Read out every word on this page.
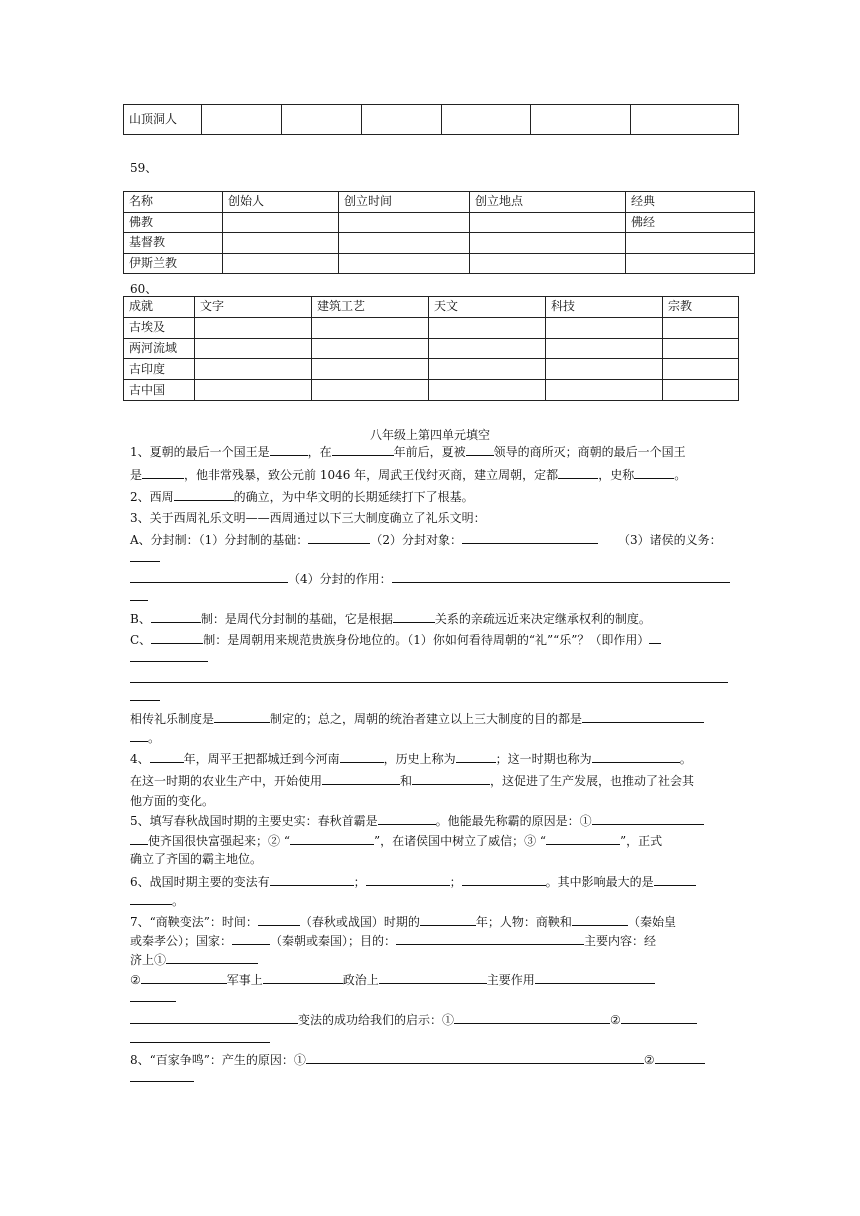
山顶洞人						
59、
名称	创始人	创立时间	创立地点	经典
佛教				佛经
基督教				
伊斯兰教				
60、
成就	文字	建筑工艺	天文	科技	宗教
古埃及					
两河流域					
古印度					
古中国					
八年级上第四单元填空
1、夏朝的最后一个国王是	，在	年前后，夏被 领导的商所灭；商朝的最后一个国王
是	，他非常残暴，致公元前 1046 年，周武王伐纣灭商，建立周朝，定都	，史称	。
2、西周	的确立，为中华文明的长期延续打下了根基。
3、关于西周礼乐文明——西周通过以下三大制度确立了礼乐文明：
A、分封制：（1）分封制的基础：	（2）分封对象：	（3）诸侯的义务：
（4）分封的作用：
B、	制：是周代分封制的基础，它是根据	关系的亲疏远近来决定继承权利的制度。
C、	制：是周朝用来规范贵族身份地位的。（1）你如何看待周朝的“礼”“乐”？（即作用）
相传礼乐制度是	制定的；总之，周朝的统治者建立以上三大制度的目的都是
。
4、	年，周平王把都城迁到今河南	，历史上称为	；这一时期也称为	。
在这一时期的农业生产中，开始使用	和	，这促进了生产发展，也推动了社会其
他方面的变化。
5、填写春秋战国时期的主要史实：春秋首霸是	。他能最先称霸的原因是：①
使齐国很快富强起来；② “	”，在诸侯国中树立了威信；③ “	”，正式
确立了齐国的霸主地位。
6、战国时期主要的变法有	；	；	。其中影响最大的是
。
7、“商鞅变法”：时间：	（春秋或战国）时期的	年；人物：商鞅和	（秦始皇
或秦孝公）；国家：	（秦朝或秦国）；目的：	主要内容：经
济上①
②	军事上	政治上	主要作用
变法的成功给我们的启示：①	②
8、“百家争鸣”：产生的原因：①	②
